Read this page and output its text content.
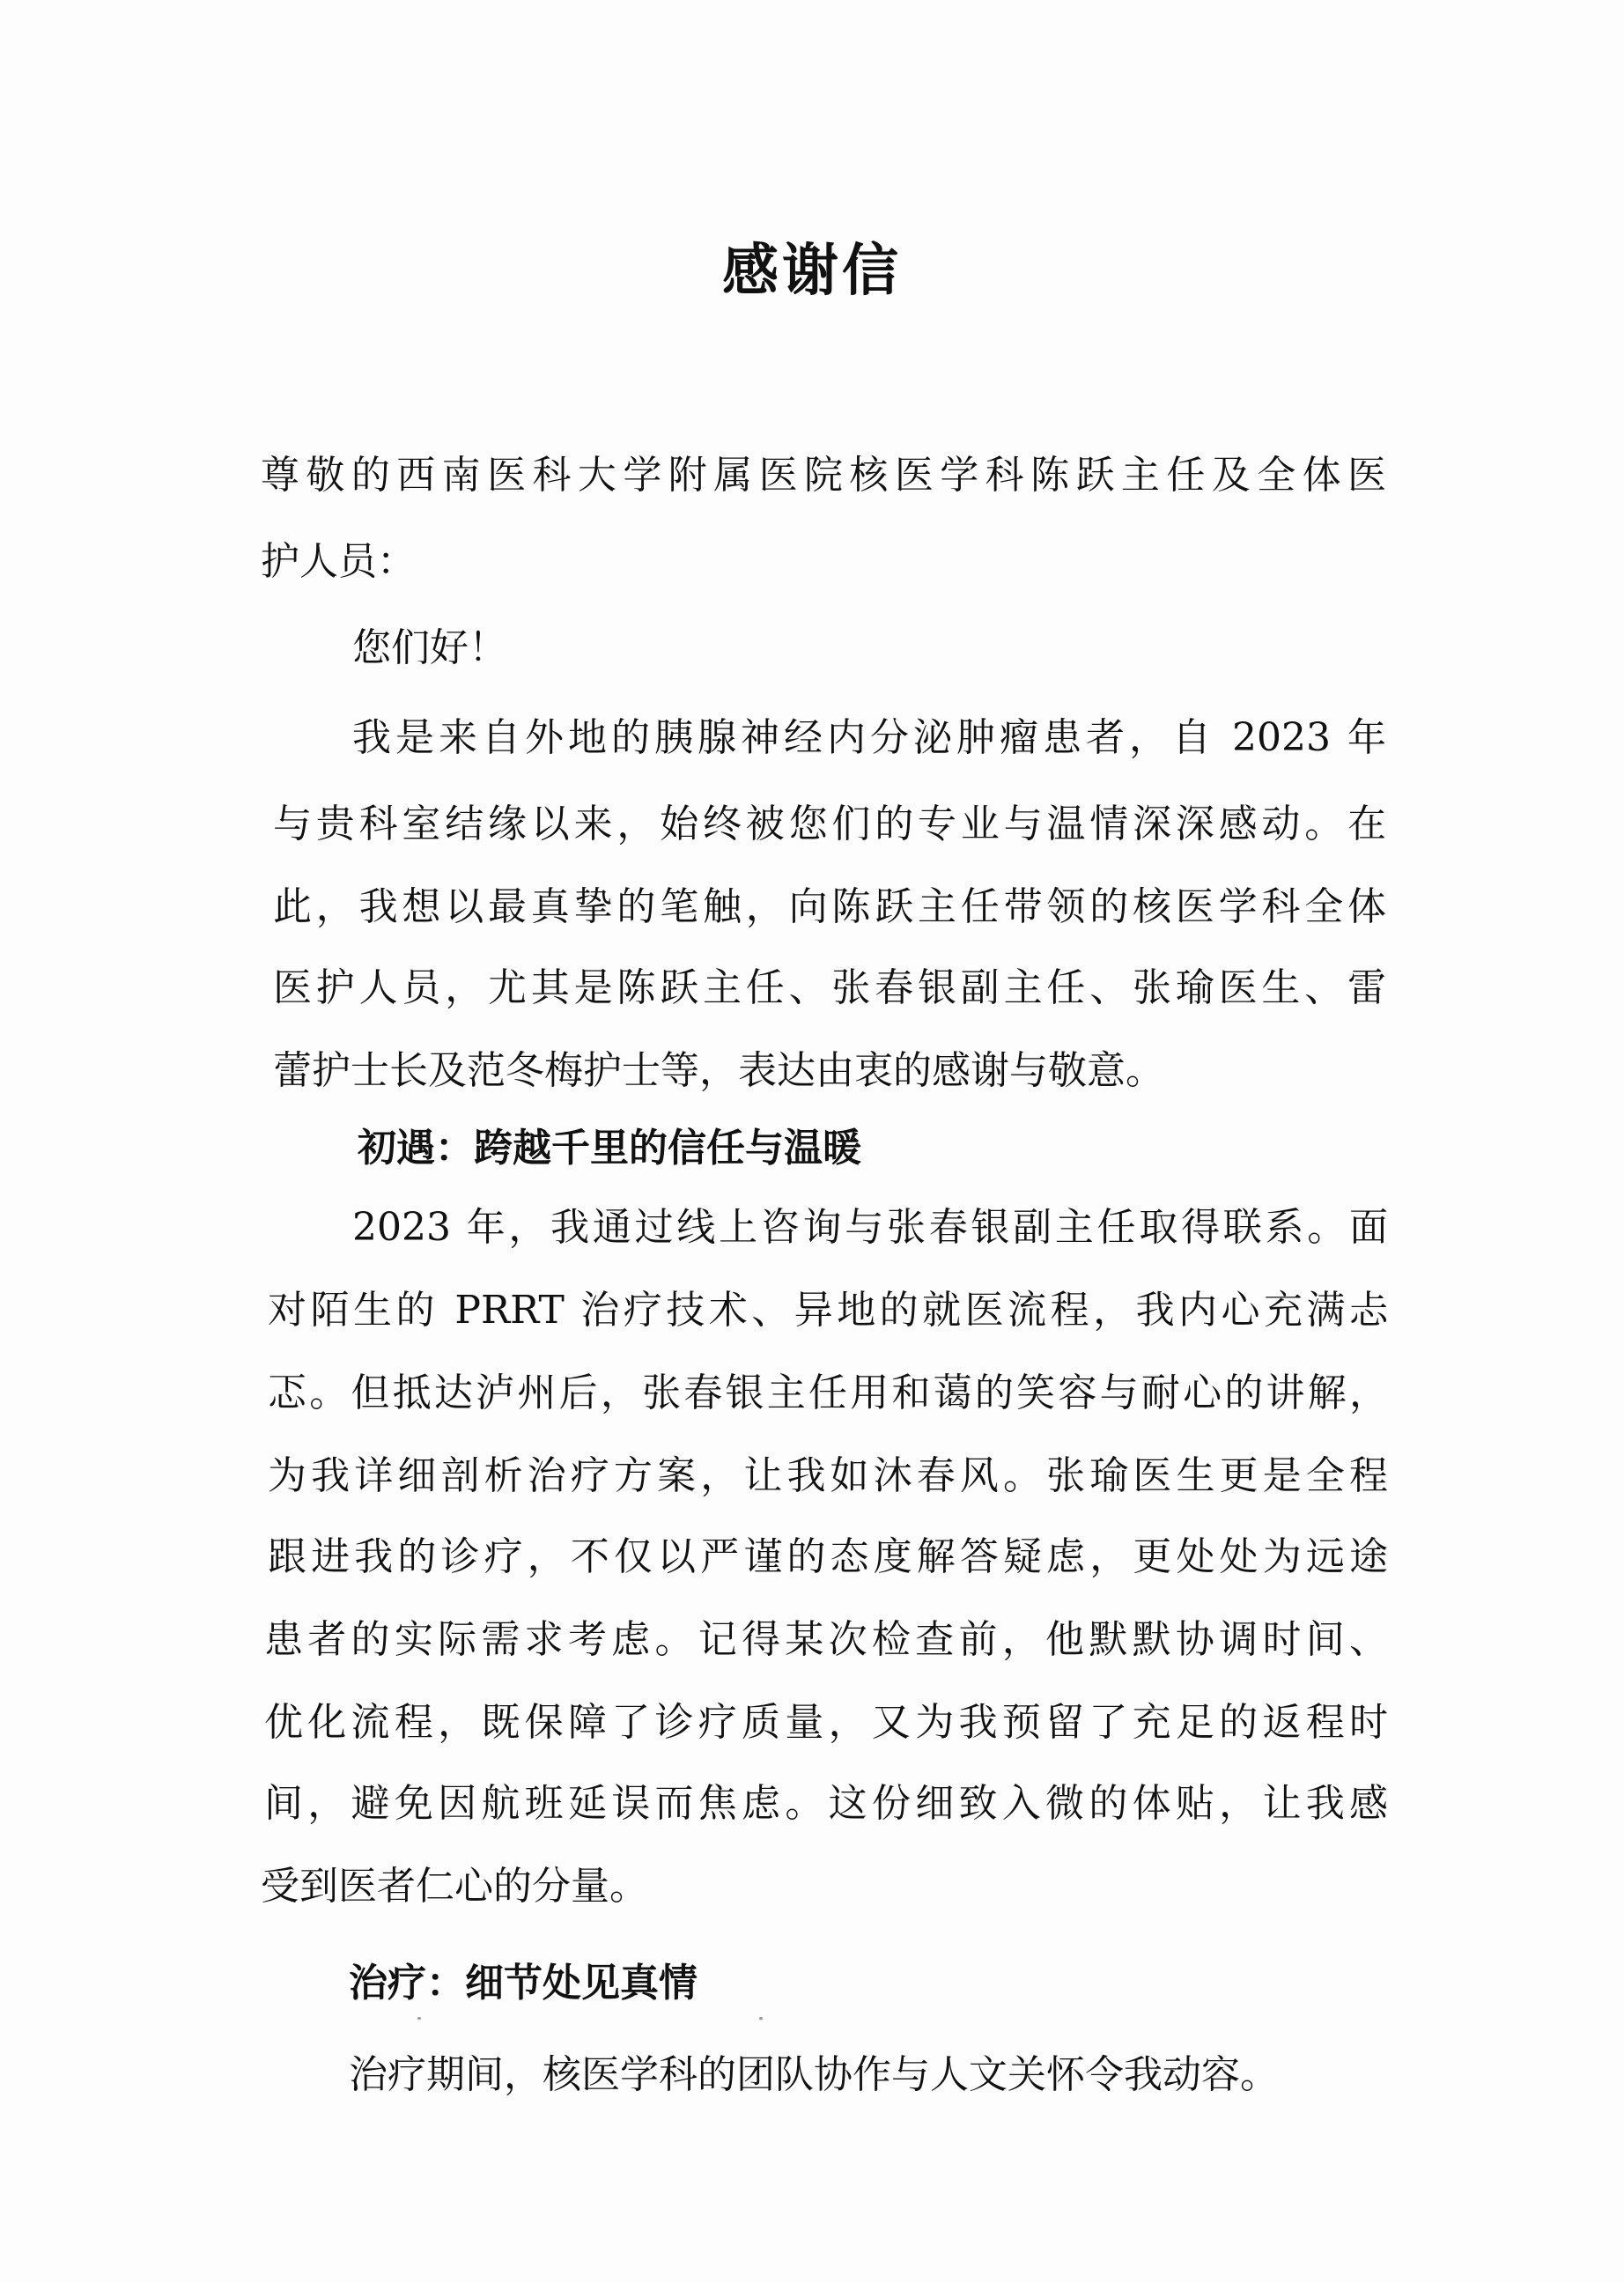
感谢信
尊敬的西南医科大学附属医院核医学科陈跃主任及全体医
护人员：
您们好！
我是来自外地的胰腺神经内分泌肿瘤患者，自 2023 年
与贵科室结缘以来，始终被您们的专业与温情深深感动。在
此，我想以最真挚的笔触，向陈跃主任带领的核医学科全体
医护人员，尤其是陈跃主任、张春银副主任、张瑜医生、雷
蕾护士长及范冬梅护士等，表达由衷的感谢与敬意。
初遇：跨越千里的信任与温暖
2023 年，我通过线上咨询与张春银副主任取得联系。面
对陌生的 PRRT 治疗技术、异地的就医流程，我内心充满忐
忑。但抵达泸州后，张春银主任用和蔼的笑容与耐心的讲解，
为我详细剖析治疗方案，让我如沐春风。张瑜医生更是全程
跟进我的诊疗，不仅以严谨的态度解答疑虑，更处处为远途
患者的实际需求考虑。记得某次检查前，他默默协调时间、
优化流程，既保障了诊疗质量，又为我预留了充足的返程时
间，避免因航班延误而焦虑。这份细致入微的体贴，让我感
受到医者仁心的分量。
治疗：细节处见真情
治疗期间，核医学科的团队协作与人文关怀令我动容。
